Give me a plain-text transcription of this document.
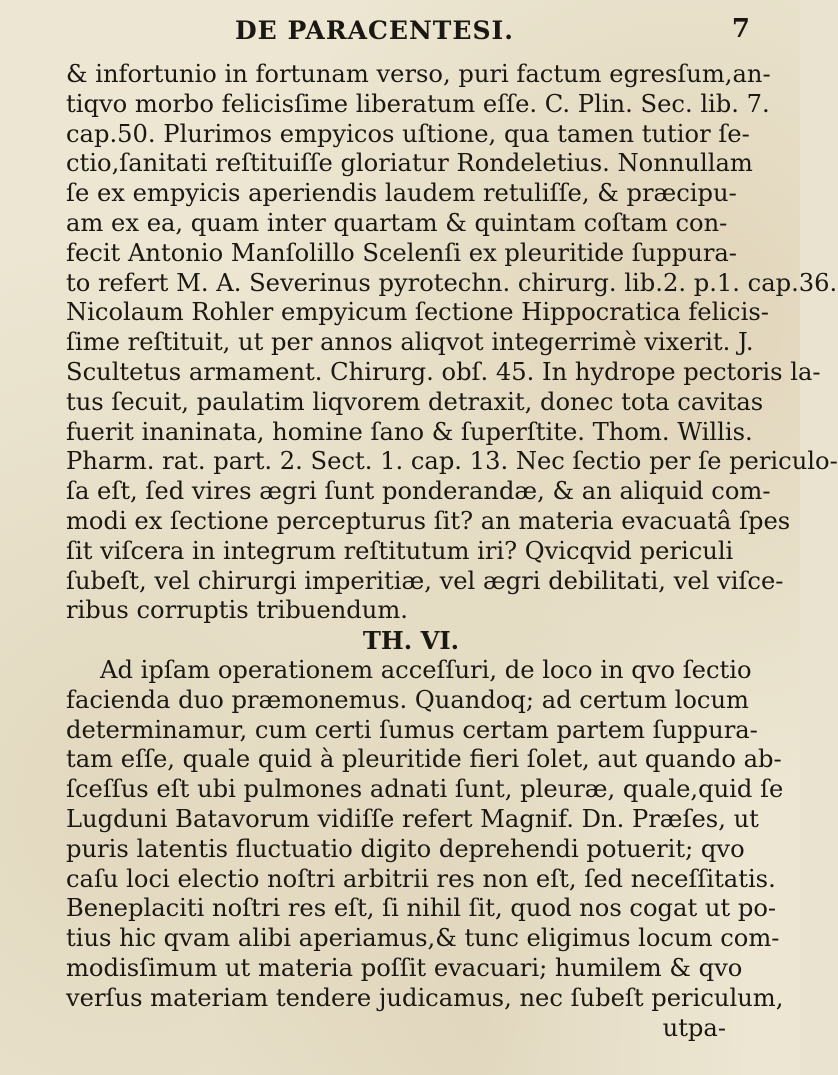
DE PARACENTESI.	7
& infortunio in fortunam verso, puri factum egresſum,an-
tiqvo morbo felicisſime liberatum eſſe. C. Plin. Sec. lib. 7.
cap.50. Plurimos empyicos uſtione, qua tamen tutior ſe-
ctio,ſanitati reſtituiſſe gloriatur Rondeletius. Nonnullam
ſe ex empyicis aperiendis laudem retuliſſe, & præcipu-
am ex ea, quam inter quartam & quintam coſtam con-
fecit Antonio Manſolillo Scelenſi ex pleuritide ſuppura-
to refert M. A. Severinus pyrotechn. chirurg. lib.2. p.1. cap.36.
Nicolaum Rohler empyicum ſectione Hippocratica felicis-
ſime reſtituit, ut per annos aliqvot integerrimè vixerit. J.
Scultetus armament. Chirurg. obſ. 45. In hydrope pectoris la-
tus ſecuit, paulatim liqvorem detraxit, donec tota cavitas
fuerit inaninata, homine ſano & ſuperſtite. Thom. Willis.
Pharm. rat. part. 2. Sect. 1. cap. 13. Nec ſectio per ſe periculo-
ſa eſt, ſed vires ægri ſunt ponderandæ, & an aliquid com-
modi ex ſectione percepturus ſit? an materia evacuatâ ſpes
ſit viſcera in integrum reſtitutum iri? Qvicqvid periculi
ſubeſt, vel chirurgi imperitiæ, vel ægri debilitati, vel viſce-
ribus corruptis tribuendum.
TH. VI.
Ad ipſam operationem acceſſuri, de loco in qvo ſectio
facienda duo præmonemus. Quandoq; ad certum locum
determinamur, cum certi ſumus certam partem ſuppura-
tam eſſe, quale quid à pleuritide fieri ſolet, aut quando ab-
ſceſſus eſt ubi pulmones adnati ſunt, pleuræ, quale,quid ſe
Lugduni Batavorum vidiſſe refert Magnif. Dn. Præſes, ut
puris latentis fluctuatio digito deprehendi potuerit; qvo
caſu loci electio noſtri arbitrii res non eſt, ſed neceſſitatis.
Beneplaciti noſtri res eſt, ſi nihil ſit, quod nos cogat ut po-
tius hic qvam alibi aperiamus,& tunc eligimus locum com-
modisſimum ut materia poſſit evacuari; humilem & qvo
verſus materiam tendere judicamus, nec ſubeſt periculum,
utpa-
